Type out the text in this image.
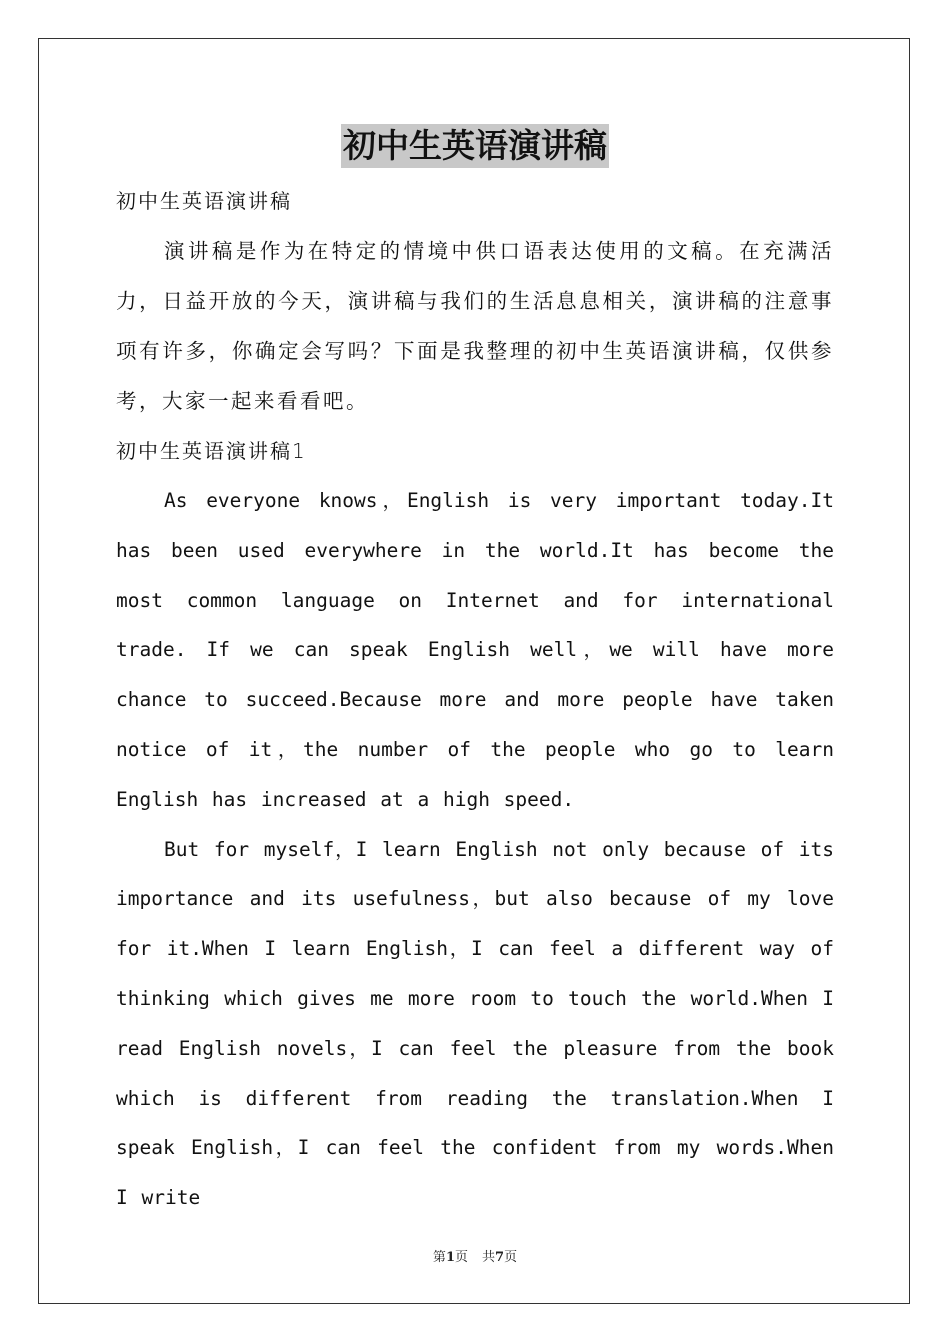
初中生英语演讲稿
初中生英语演讲稿

演讲稿是作为在特定的情境中供口语表达使用的文稿。在充满活力，日益开放的今天，演讲稿与我们的生活息息相关，演讲稿的注意事项有许多，你确定会写吗？下面是我整理的初中生英语演讲稿，仅供参考，大家一起来看看吧。

初中生英语演讲稿1

As everyone knows，English is very important today.It has been used everywhere in the world.It has become the most common language on Internet and for international trade. If we can speak English well，we will have more chance to succeed.Because more and more people have taken notice of it，the number of the people who go to learn English has increased at a high speed.

But for myself，I learn English not only because of its importance and its usefulness，but also because of my love for it.When I learn English，I can feel a different way of thinking which gives me more room to touch the world.When I read English novels，I can feel the pleasure from the book which is different from reading the translation.When I speak English，I can feel the confident from my words.When I write

第1页 共7页
